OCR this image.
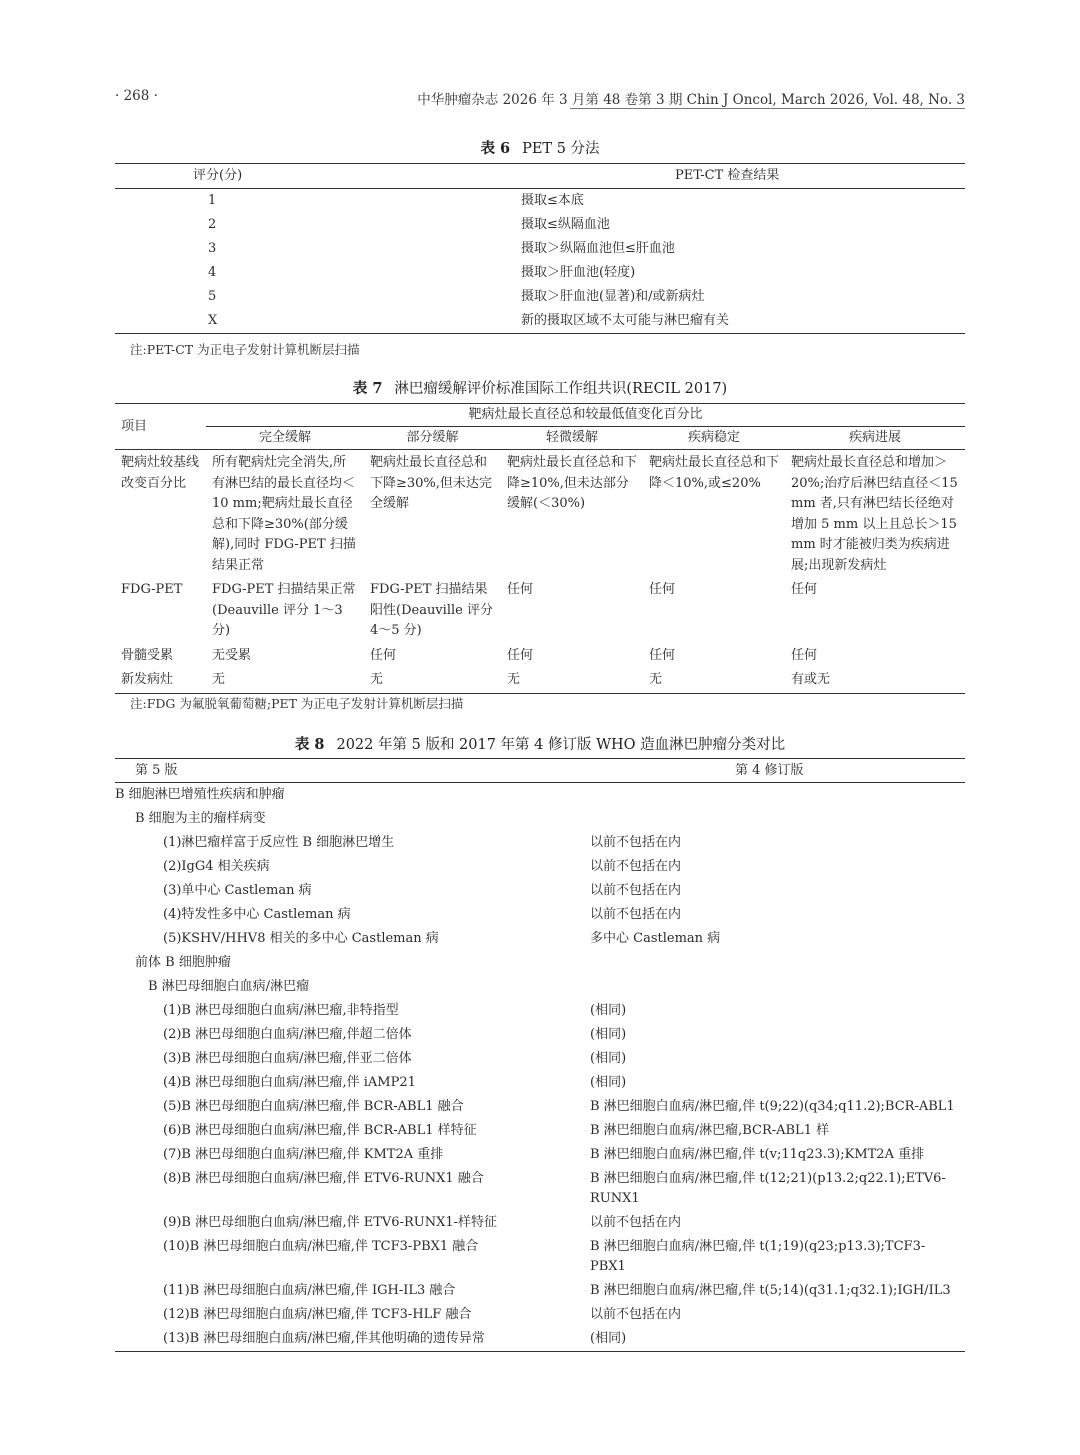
· 268 ·	中华肿瘤杂志 2026 年 3 月第 48 卷第 3 期 Chin J Oncol, March 2026, Vol. 48, No. 3
表 6 PET 5 分法
评分(分)	PET-CT 检查结果
1	摄取≤本底
2	摄取≤纵隔血池
3	摄取＞纵隔血池但≤肝血池
4	摄取＞肝血池(轻度)
5	摄取＞肝血池(显著)和/或新病灶
X	新的摄取区域不太可能与淋巴瘤有关
注:PET-CT 为正电子发射计算机断层扫描
表 7 淋巴瘤缓解评价标准国际工作组共识(RECIL 2017)
项目	靶病灶最长直径总和较最低值变化百分比				
	完全缓解	部分缓解	轻微缓解	疾病稳定	疾病进展
靶病灶较基线改变百分比	所有靶病灶完全消失,所有淋巴结的最长直径均＜10 mm;靶病灶最长直径总和下降≥30%(部分缓解),同时 FDG-PET 扫描结果正常	靶病灶最长直径总和下降≥30%,但未达完全缓解	靶病灶最长直径总和下降≥10%,但未达部分缓解(＜30%)	靶病灶最长直径总和下降＜10%,或≤20%	靶病灶最长直径总和增加＞20%;治疗后淋巴结直径＜15 mm 者,只有淋巴结长径绝对增加 5 mm 以上且总长＞15 mm 时才能被归类为疾病进展;出现新发病灶
FDG-PET	FDG-PET 扫描结果正常(Deauville 评分 1～3 分)	FDG-PET 扫描结果阳性(Deauville 评分 4～5 分)	任何	任何	任何
骨髓受累	无受累	任何	任何	任何	任何
新发病灶	无	无	无	无	有或无
注:FDG 为氟脱氧葡萄糖;PET 为正电子发射计算机断层扫描
表 8 2022 年第 5 版和 2017 年第 4 修订版 WHO 造血淋巴肿瘤分类对比
第 5 版	第 4 修订版
B 细胞淋巴增殖性疾病和肿瘤	
B 细胞为主的瘤样病变	
(1)淋巴瘤样富于反应性 B 细胞淋巴增生	以前不包括在内
(2)IgG4 相关疾病	以前不包括在内
(3)单中心 Castleman 病	以前不包括在内
(4)特发性多中心 Castleman 病	以前不包括在内
(5)KSHV/HHV8 相关的多中心 Castleman 病	多中心 Castleman 病
前体 B 细胞肿瘤	
B 淋巴母细胞白血病/淋巴瘤	
(1)B 淋巴母细胞白血病/淋巴瘤,非特指型	(相同)
(2)B 淋巴母细胞白血病/淋巴瘤,伴超二倍体	(相同)
(3)B 淋巴母细胞白血病/淋巴瘤,伴亚二倍体	(相同)
(4)B 淋巴母细胞白血病/淋巴瘤,伴 iAMP21	(相同)
(5)B 淋巴母细胞白血病/淋巴瘤,伴 BCR-ABL1 融合	B 淋巴细胞白血病/淋巴瘤,伴 t(9;22)(q34;q11.2);BCR-ABL1
(6)B 淋巴母细胞白血病/淋巴瘤,伴 BCR-ABL1 样特征	B 淋巴细胞白血病/淋巴瘤,BCR-ABL1 样
(7)B 淋巴母细胞白血病/淋巴瘤,伴 KMT2A 重排	B 淋巴细胞白血病/淋巴瘤,伴 t(v;11q23.3);KMT2A 重排
(8)B 淋巴母细胞白血病/淋巴瘤,伴 ETV6-RUNX1 融合	B 淋巴细胞白血病/淋巴瘤,伴 t(12;21)(p13.2;q22.1);ETV6-RUNX1
(9)B 淋巴母细胞白血病/淋巴瘤,伴 ETV6-RUNX1-样特征	以前不包括在内
(10)B 淋巴母细胞白血病/淋巴瘤,伴 TCF3-PBX1 融合	B 淋巴细胞白血病/淋巴瘤,伴 t(1;19)(q23;p13.3);TCF3-PBX1
(11)B 淋巴母细胞白血病/淋巴瘤,伴 IGH-IL3 融合	B 淋巴细胞白血病/淋巴瘤,伴 t(5;14)(q31.1;q32.1);IGH/IL3
(12)B 淋巴母细胞白血病/淋巴瘤,伴 TCF3-HLF 融合	以前不包括在内
(13)B 淋巴母细胞白血病/淋巴瘤,伴其他明确的遗传异常	(相同)
